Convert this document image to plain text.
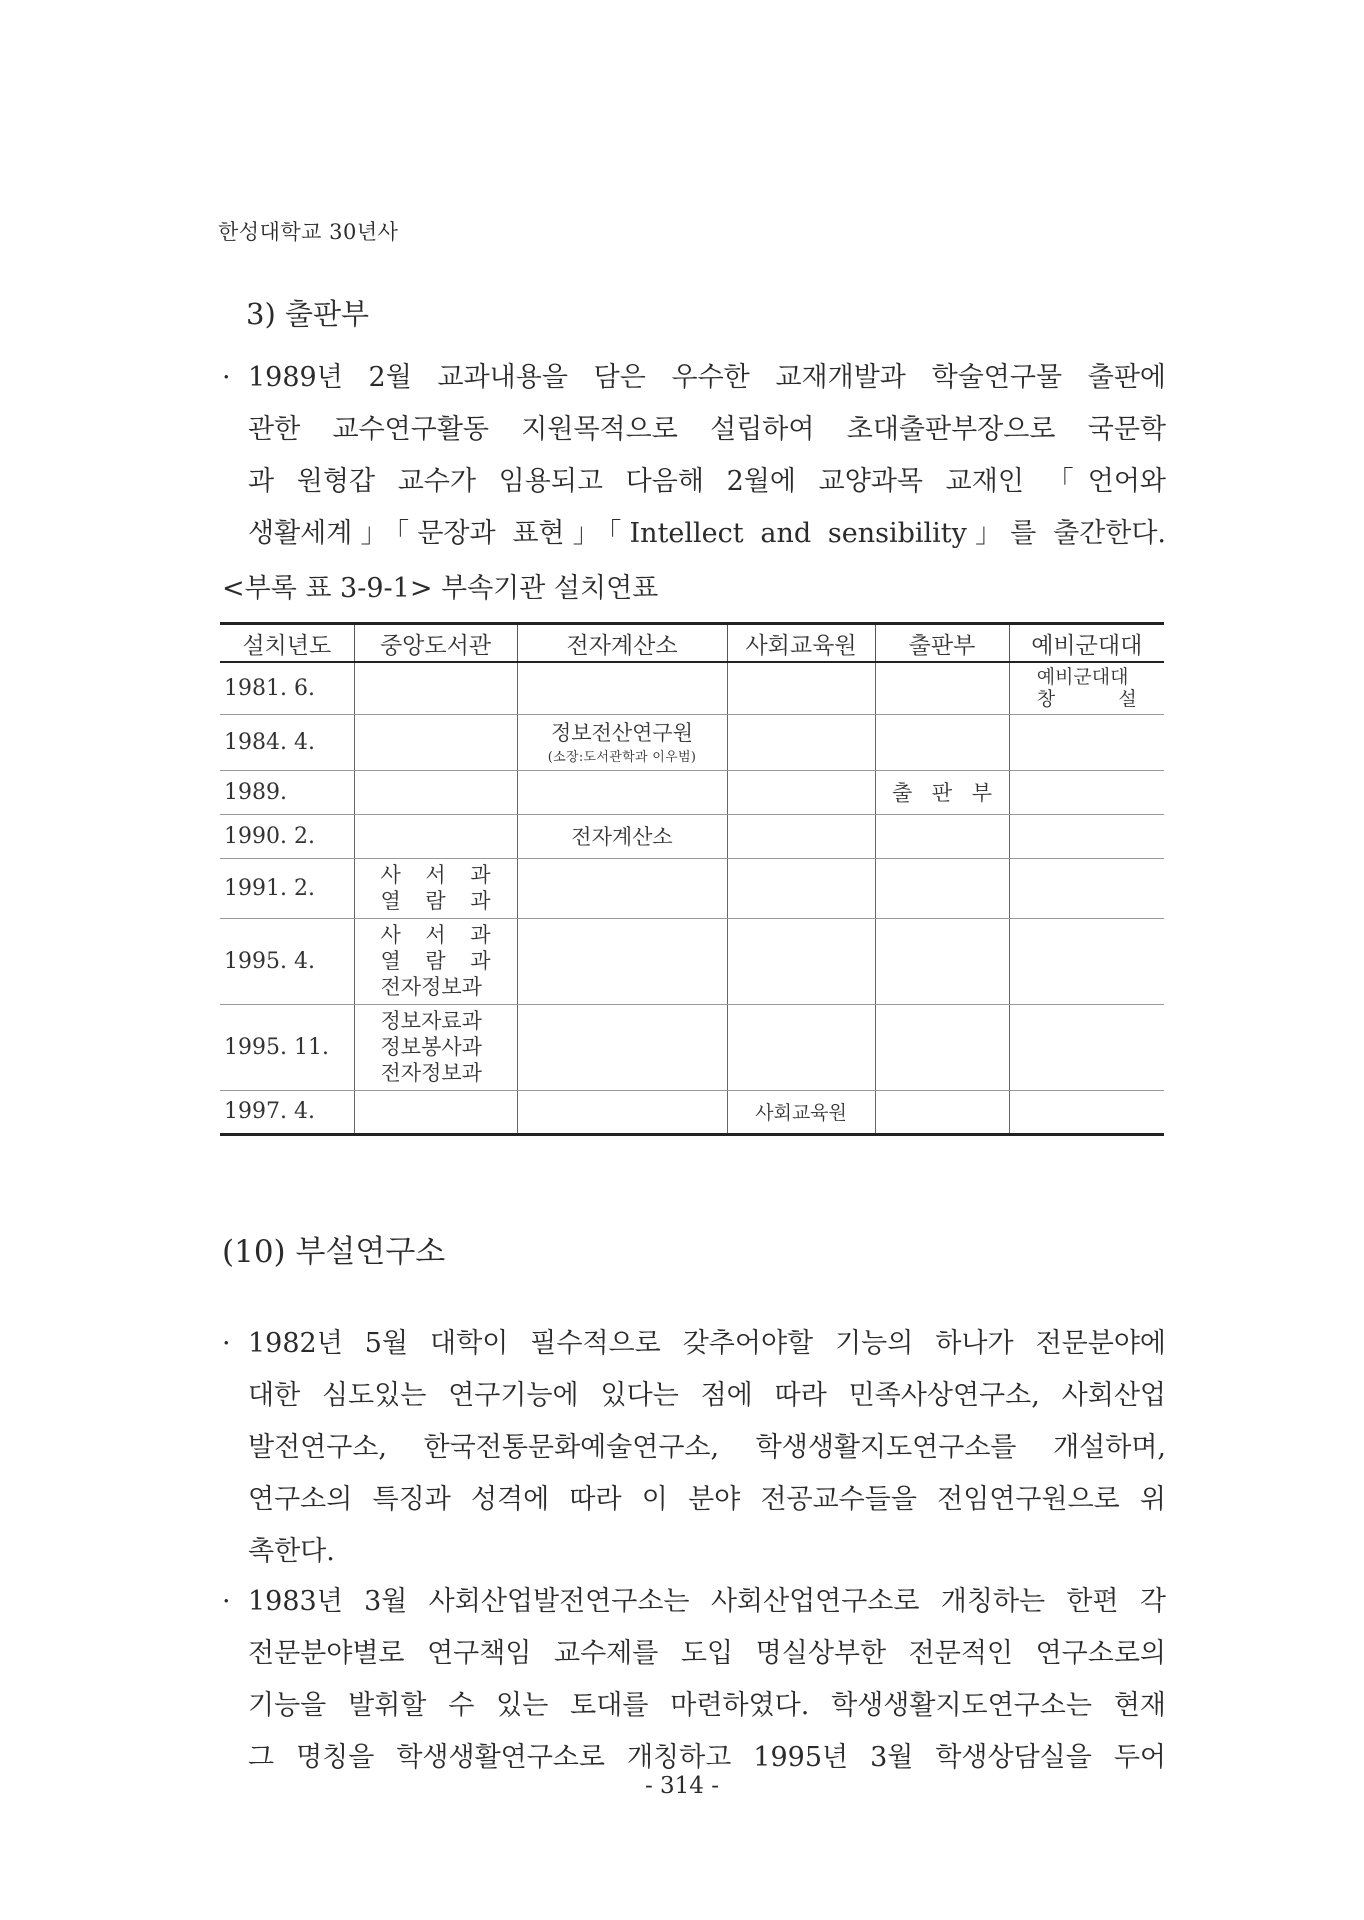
한성대학교 30년사
3) 출판부
· 1989년 2월 교과내용을 담은 우수한 교재개발과 학술연구물 출판에
관한 교수연구활동 지원목적으로 설립하여 초대출판부장으로 국문학
과 원형갑 교수가 임용되고 다음해 2월에 교양과목 교재인 「언어와
생활세계」「문장과 표현」「Intellect and sensibility」를 출간한다.
<부록 표 3-9-1> 부속기관 설치연표
설치년도	중앙도서관	전자계산소	사회교육원	출판부	예비군대대
1981. 6.					예비군대대
창 설

1984. 4.		정보전산연구원
(소장:도서관학과 이우범)			

1989.				출 판 부	

1990. 2.		전자계산소			
1991. 2.	사 서 과
열 람 과				

1995. 4.	사 서 과
열 람 과
전자정보과				

1995. 11.	정보자료과
정보봉사과
전자정보과				

1997. 4.			사회교육원		
(10) 부설연구소
· 1982년 5월 대학이 필수적으로 갖추어야할 기능의 하나가 전문분야에
대한 심도있는 연구기능에 있다는 점에 따라 민족사상연구소, 사회산업
발전연구소, 한국전통문화예술연구소, 학생생활지도연구소를 개설하며,
연구소의 특징과 성격에 따라 이 분야 전공교수들을 전임연구원으로 위
촉한다.
· 1983년 3월 사회산업발전연구소는 사회산업연구소로 개칭하는 한편 각
전문분야별로 연구책임 교수제를 도입 명실상부한 전문적인 연구소로의
기능을 발휘할 수 있는 토대를 마련하였다. 학생생활지도연구소는 현재
그 명칭을 학생생활연구소로 개칭하고 1995년 3월 학생상담실을 두어
- 314 -
